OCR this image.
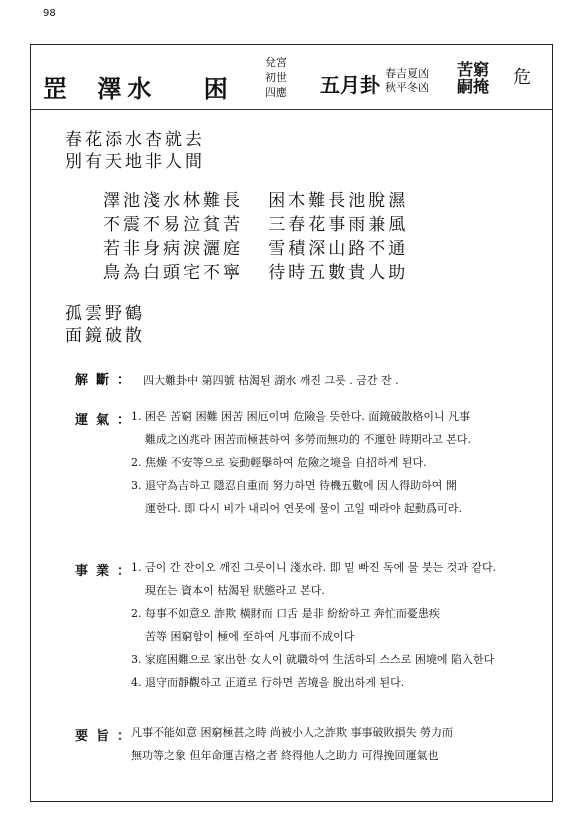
98
罡 澤水 困
兌宮
初世
四應 五月卦 春吉夏凶
秋平冬凶
苦窮
嗣掩 危
春花添水杏就去
別有天地非人間
澤池淺水林難長 困木難長池脫濕
不震不易泣貧苦 三春花事雨兼風
若非身病淚灑庭 雪積深山路不通
鳥為白頭宅不寧 待時五數貴人助
孤雲野鶴
面鏡破散
解斷： 四大難卦中 第四號 枯渴된 湖水 깨진 그릇 . 금간 잔 .
運氣：
1. 困은 苦窮 困難 困苦 困厄이며 危險을 뜻한다. 面鏡破散格이니 凡事
難成之凶兆라 困苦而極甚하여 多勞而無功的 不運한 時期라고 본다.
2. 焦燥 不安等으로 妄動輕擧하여 危險之境을 自招하게 된다.
3. 退守為吉하고 隱忍自重而 努力하면 待機五數에 因人得助하여 開
運한다. 即 다시 비가 내리어 연못에 물이 고일 때라야 起動爲可라.
事業：
1. 금이 간 잔이오 깨진 그릇이니 淺水라. 即 밑 빠진 독에 물 붓는 것과 같다.
現在는 資本이 枯渴된 狀態라고 본다.
2. 每事不如意오 詐欺 橫財而 口舌 是非 紛紛하고 奔忙而憂患疾
苦等 困窮함이 極에 至하여 凡事而不成이다
3. 家庭困難으로 家出한 女人이 就職하여 生活하되 스스로 困境에 陷入한다
4. 退守而靜觀하고 正道로 行하면 苦境을 脫出하게 된다.
要旨：
凡事不能如意 困窮極甚之時 尚被小人之詐欺 事事破敗損失 勞力而
無功等之象 但年命運吉格之者 終得他人之助力 可得挽回運氣也
